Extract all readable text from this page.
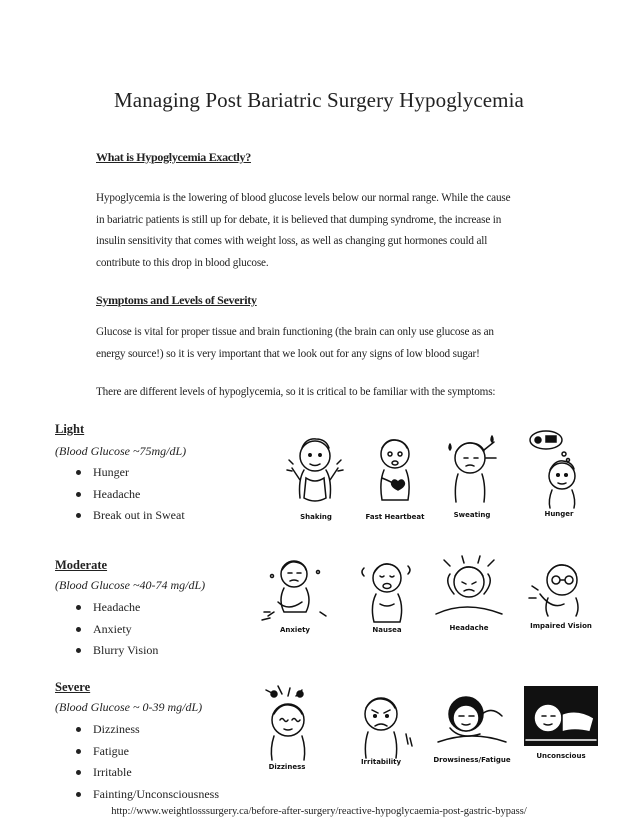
Managing Post Bariatric Surgery Hypoglycemia
What is Hypoglycemia Exactly?
Hypoglycemia is the lowering of blood glucose levels below our normal range. While the cause
in bariatric patients is still up for debate, it is believed that dumping syndrome, the increase in
insulin sensitivity that comes with weight loss, as well as changing gut hormones could all
contribute to this drop in blood glucose.
Symptoms and Levels of Severity
Glucose is vital for proper tissue and brain functioning (the brain can only use glucose as an
energy source!) so it is very important that we look out for any signs of low blood sugar!
There are different levels of hypoglycemia, so it is critical to be familiar with the symptoms:
Light
(Blood Glucose ~75mg/dL)
Hunger
Headache
Break out in Sweat
Moderate
(Blood Glucose ~40-74 mg/dL)
Headache
Anxiety
Blurry Vision
Severe
(Blood Glucose ~ 0-39 mg/dL)
Dizziness
Fatigue
Irritable
Fainting/Unconsciousness
Shaking	Fast Heartbeat	Sweating	Hunger
Anxiety	Nausea	Headache	Impaired Vision
Dizziness
Irritability	Drowsiness/Fatigue	Unconscious
http://www.weightlosssurgery.ca/before-after-surgery/reactive-hypoglycaemia-post-gastric-bypass/
